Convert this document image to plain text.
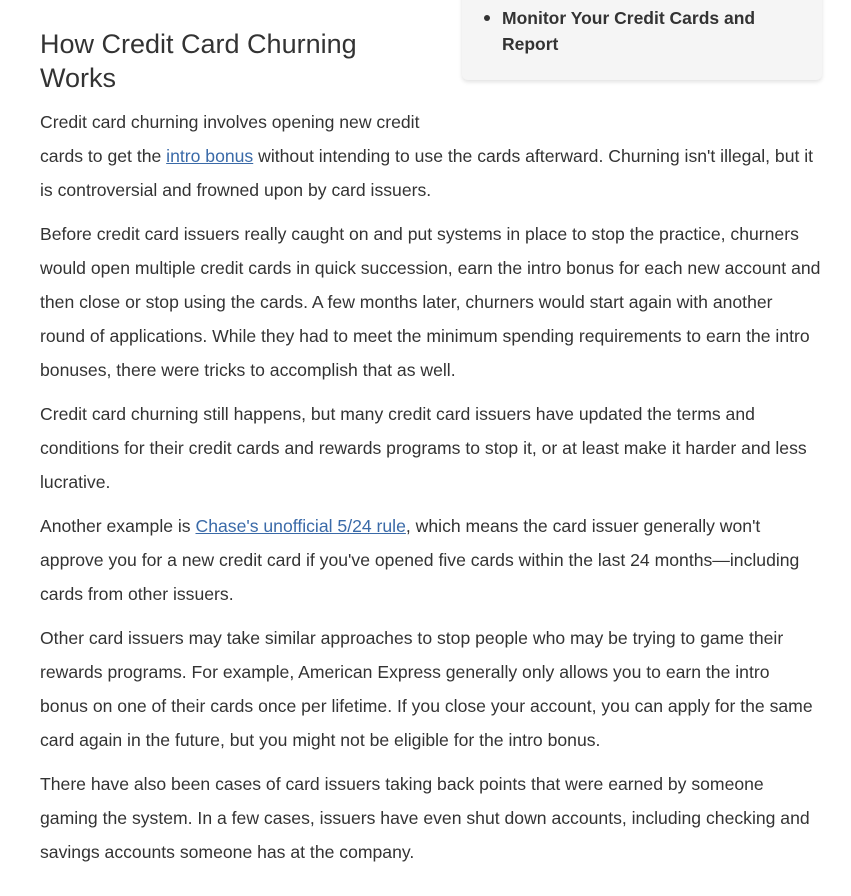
Monitor Your Credit Cards and Report
How Credit Card Churning Works

Credit card churning involves opening new credit
cards to get the intro bonus without intending to use the cards afterward. Churning isn't illegal, but it is controversial and frowned upon by card issuers.

Before credit card issuers really caught on and put systems in place to stop the practice, churners would open multiple credit cards in quick succession, earn the intro bonus for each new account and then close or stop using the cards. A few months later, churners would start again with another round of applications. While they had to meet the minimum spending requirements to earn the intro bonuses, there were tricks to accomplish that as well.

Credit card churning still happens, but many credit card issuers have updated the terms and conditions for their credit cards and rewards programs to stop it, or at least make it harder and less lucrative.

Another example is Chase's unofficial 5/24 rule, which means the card issuer generally won't approve you for a new credit card if you've opened five cards within the last 24 months—including cards from other issuers.

Other card issuers may take similar approaches to stop people who may be trying to game their rewards programs. For example, American Express generally only allows you to earn the intro bonus on one of their cards once per lifetime. If you close your account, you can apply for the same card again in the future, but you might not be eligible for the intro bonus.

There have also been cases of card issuers taking back points that were earned by someone gaming the system. In a few cases, issuers have even shut down accounts, including checking and savings accounts someone has at the company.
